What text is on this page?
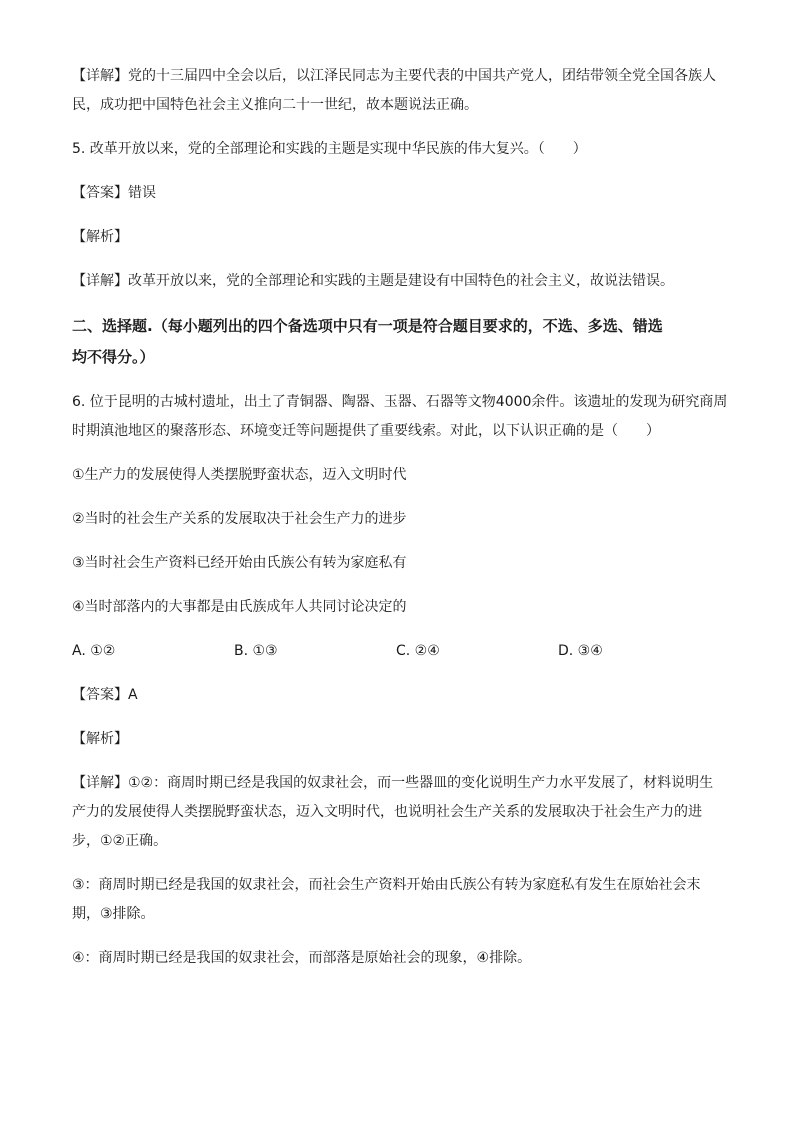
【详解】党的十三届四中全会以后，以江泽民同志为主要代表的中国共产党人，团结带领全党全国各族人

民，成功把中国特色社会主义推向二十一世纪，故本题说法正确。

5. 改革开放以来，党的全部理论和实践的主题是实现中华民族的伟大复兴。（　　）

【答案】错误

【解析】

【详解】改革开放以来，党的全部理论和实践的主题是建设有中国特色的社会主义，故说法错误。

二、选择题.（每小题列出的四个备选项中只有一项是符合题目要求的，不选、多选、错选

均不得分。）

6. 位于昆明的古城村遗址，出土了青铜器、陶器、玉器、石器等文物4000余件。该遗址的发现为研究商周

时期滇池地区的聚落形态、环境变迁等问题提供了重要线索。对此，以下认识正确的是（　　）

①生产力的发展使得人类摆脱野蛮状态，迈入文明时代

②当时的社会生产关系的发展取决于社会生产力的进步

③当时社会生产资料已经开始由氏族公有转为家庭私有

④当时部落内的大事都是由氏族成年人共同讨论决定的

A. ①②	B. ①③	C. ②④	D. ③④

【答案】A

【解析】

【详解】①②：商周时期已经是我国的奴隶社会，而一些器皿的变化说明生产力水平发展了，材料说明生

产力的发展使得人类摆脱野蛮状态，迈入文明时代，也说明社会生产关系的发展取决于社会生产力的进

步，①②正确。

③：商周时期已经是我国的奴隶社会，而社会生产资料开始由氏族公有转为家庭私有发生在原始社会末

期，③排除。

④：商周时期已经是我国的奴隶社会，而部落是原始社会的现象，④排除。
